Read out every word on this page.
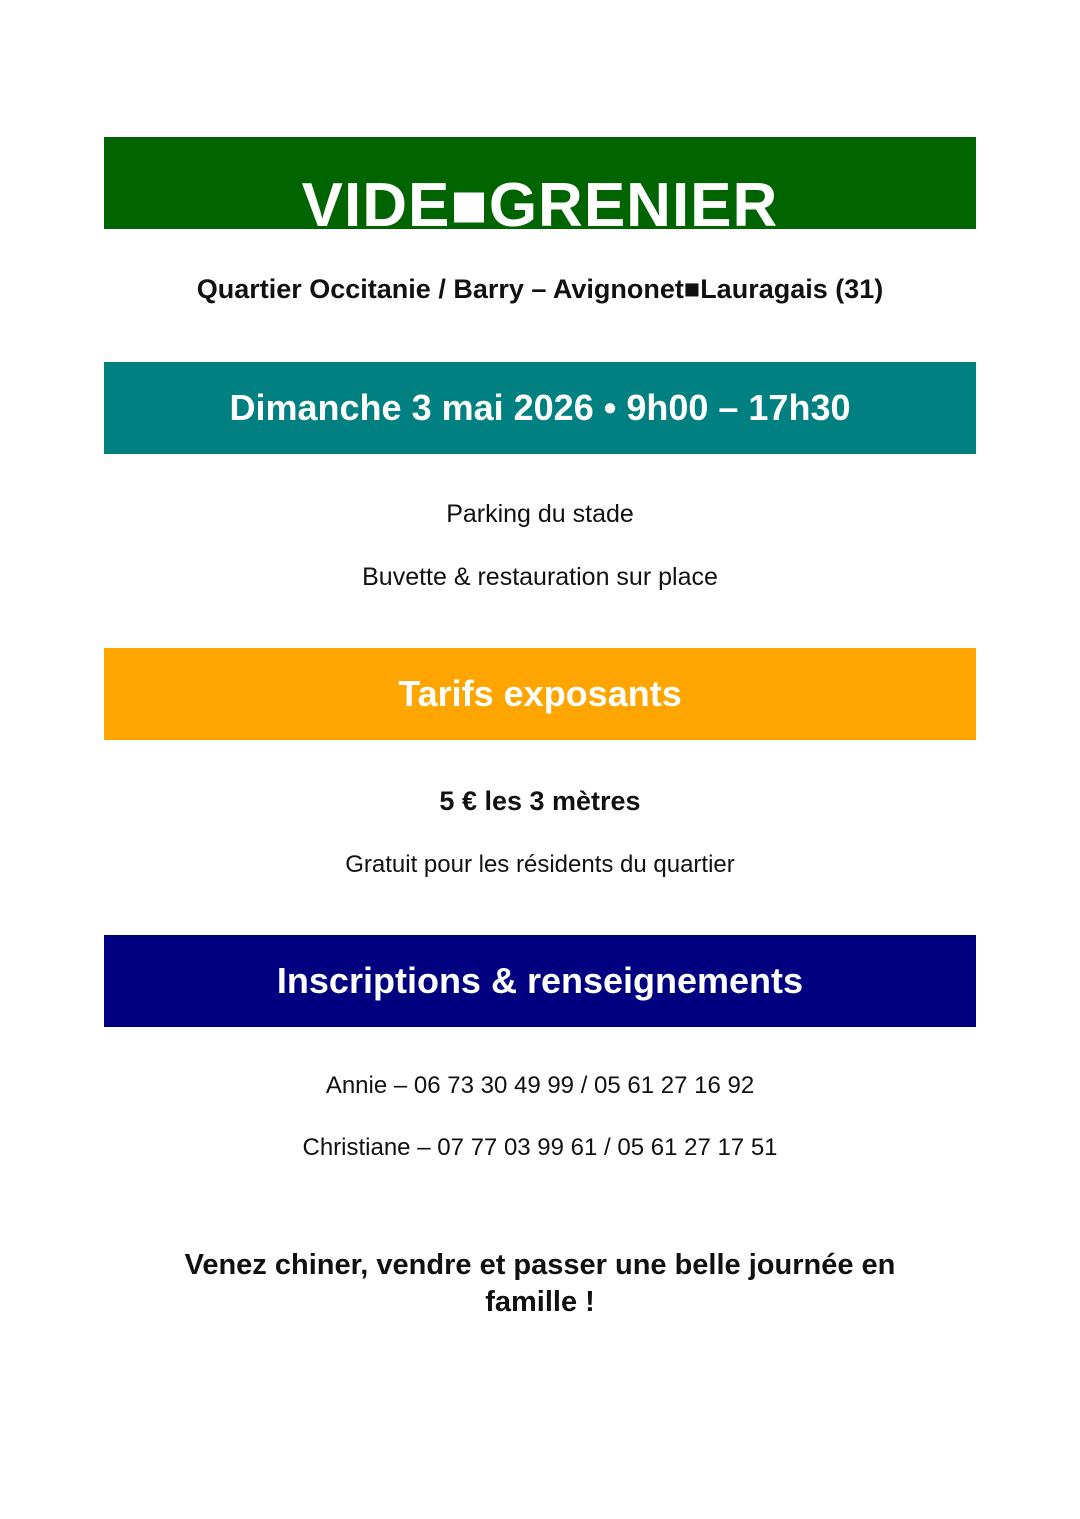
VIDE■GRENIER
Quartier Occitanie / Barry – Avignonet■Lauragais (31)
Dimanche 3 mai 2026 • 9h00 – 17h30
Parking du stade
Buvette & restauration sur place
Tarifs exposants
5 € les 3 mètres
Gratuit pour les résidents du quartier
Inscriptions & renseignements
Annie – 06 73 30 49 99 / 05 61 27 16 92
Christiane – 07 77 03 99 61 / 05 61 27 17 51
Venez chiner, vendre et passer une belle journée en famille !
